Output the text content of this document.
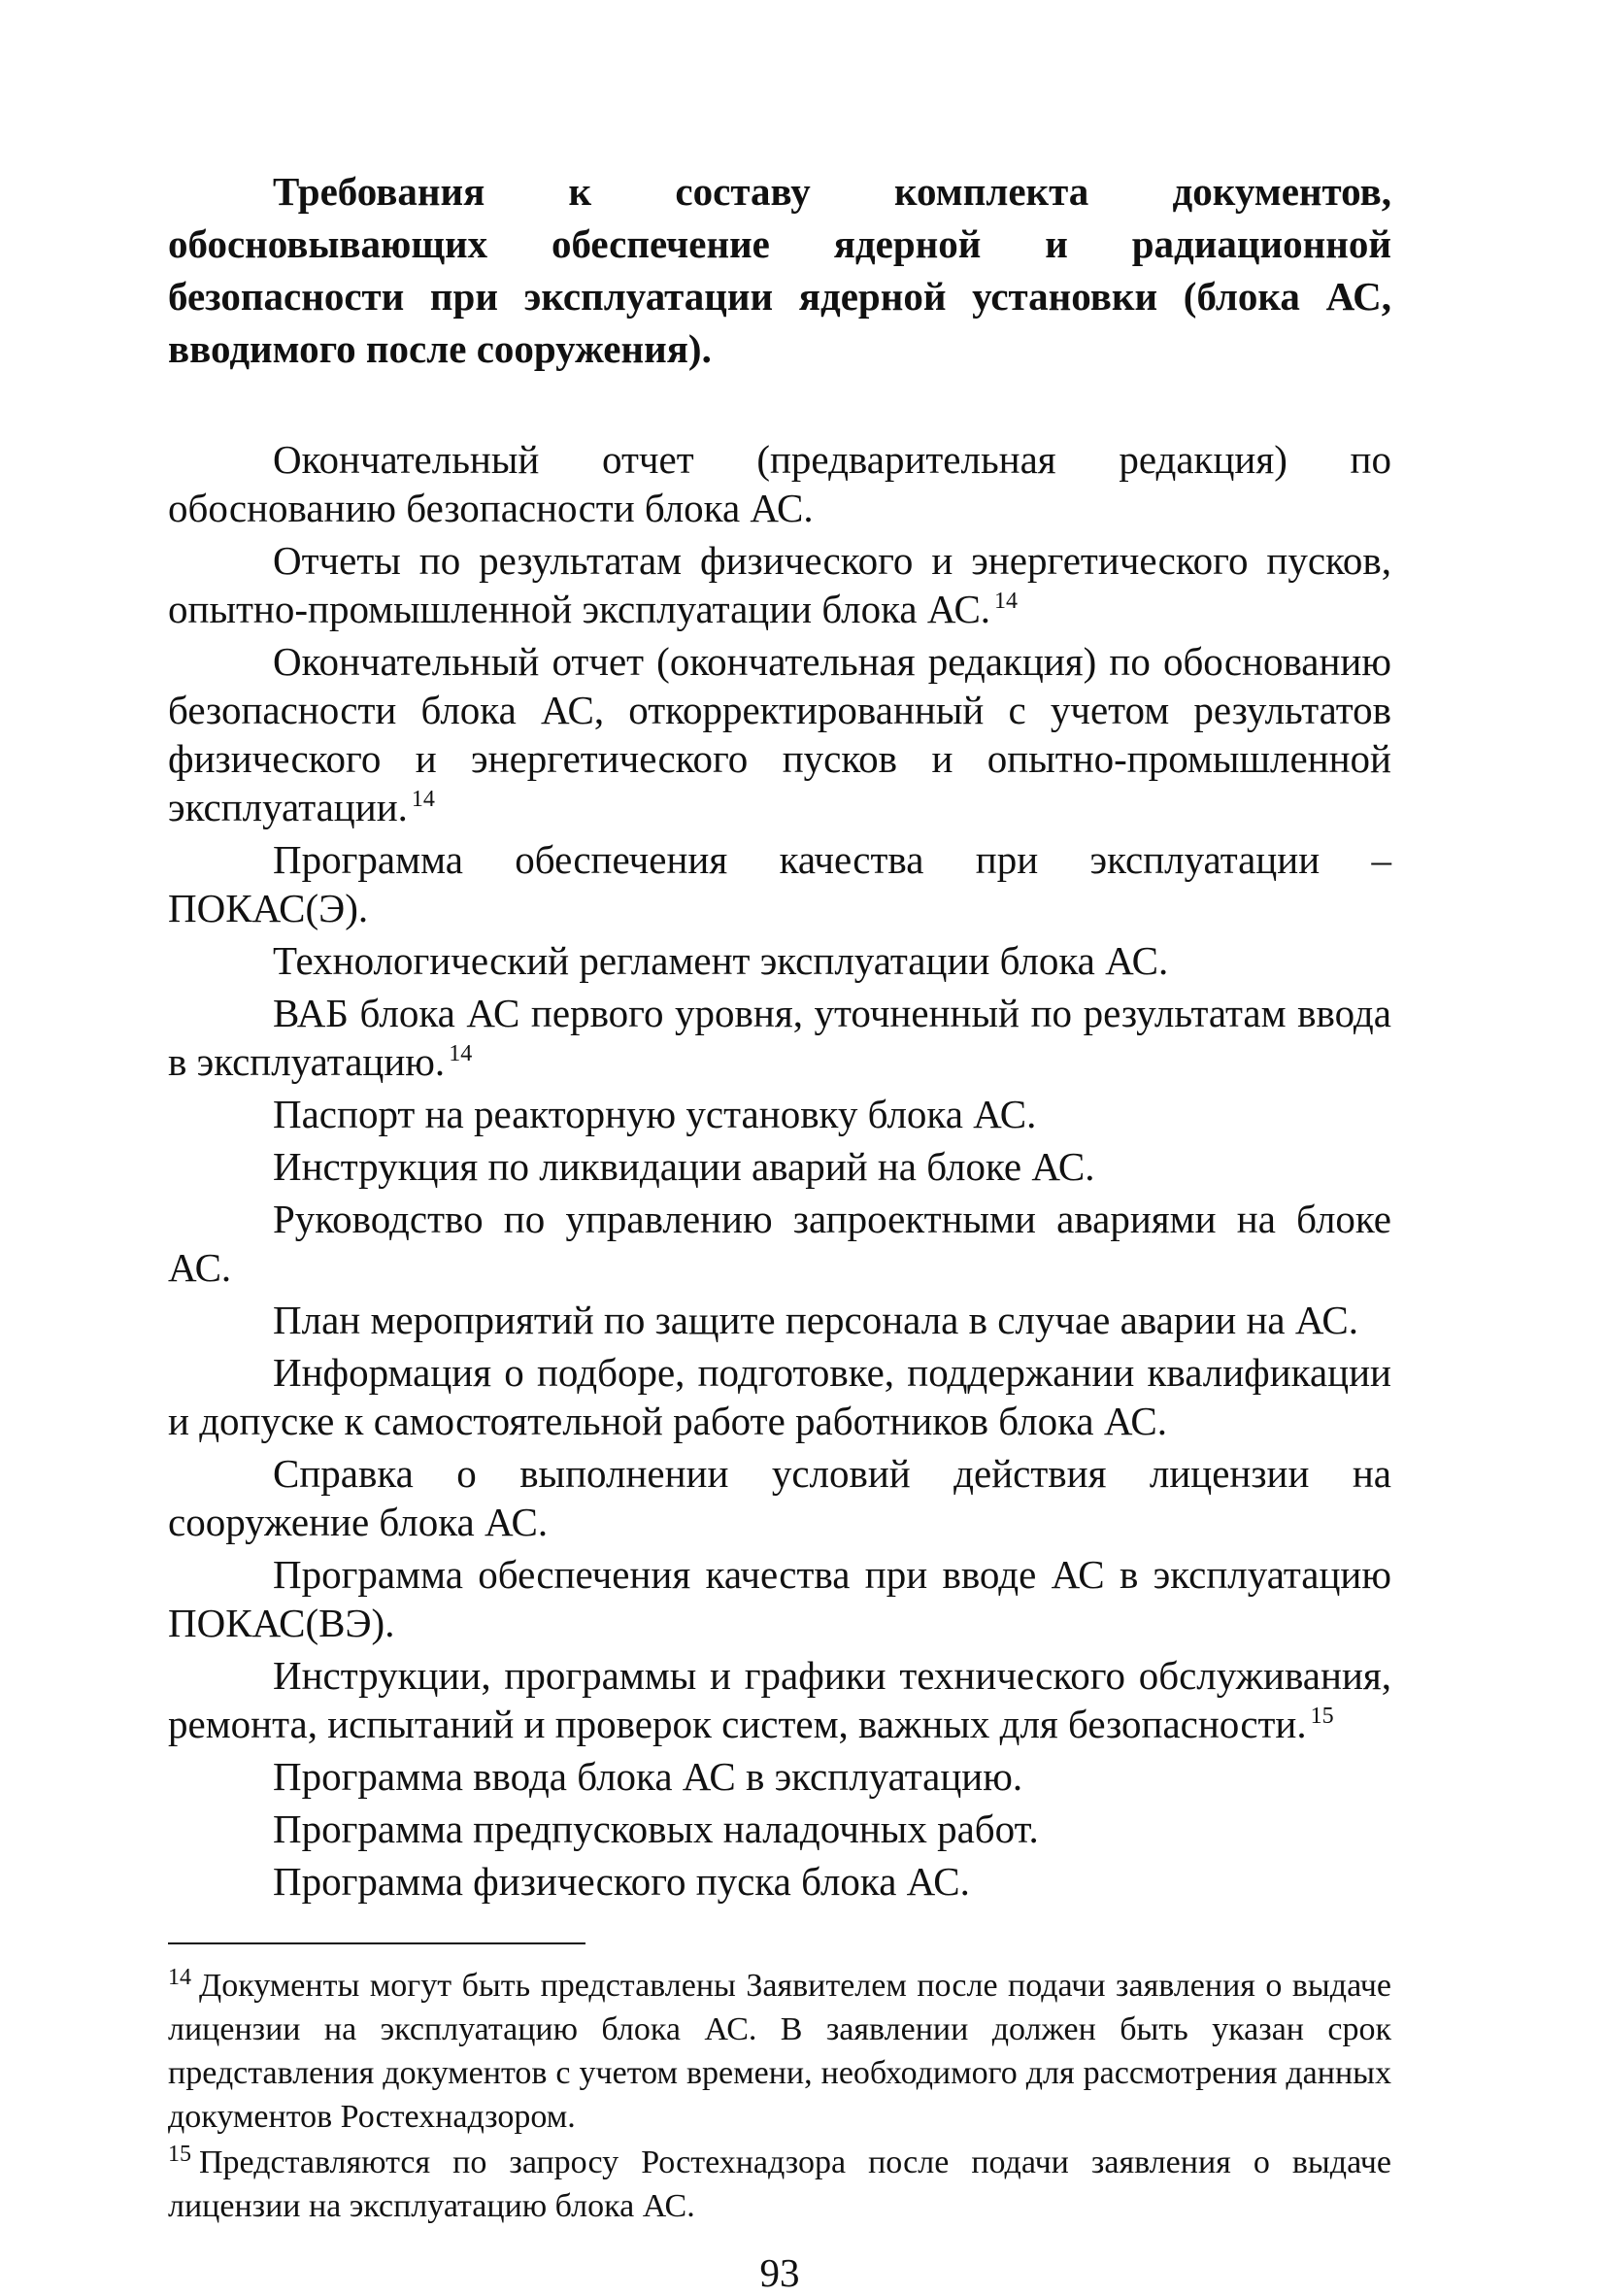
Требования к составу комплекта документов, обосновывающих обеспечение ядерной и радиационной безопасности при эксплуатации ядерной установки (блока АС, вводимого после сооружения).

Окончательный отчет (предварительная редакция) по обоснованию безопасности блока АС.

Отчеты по результатам физического и энергетического пусков, опытно-промышленной эксплуатации блока АС. $^{14}$

Окончательный отчет (окончательная редакция) по обоснованию безопасности блока АС, откорректированный с учетом результатов физического и энергетического пусков и опытно-промышленной эксплуатации. $^{14}$

Программа обеспечения качества при эксплуатации – ПОКАС(Э).

Технологический регламент эксплуатации блока АС.

ВАБ блока АС первого уровня, уточненный по результатам ввода в эксплуатацию. $^{14}$

Паспорт на реакторную установку блока АС.

Инструкция по ликвидации аварий на блоке АС.

Руководство по управлению запроектными авариями на блоке АС.

План мероприятий по защите персонала в случае аварии на АС.

Информация о подборе, подготовке, поддержании квалификации и допуске к самостоятельной работе работников блока АС.

Справка о выполнении условий действия лицензии на сооружение блока АС.

Программа обеспечения качества при вводе АС в эксплуатацию ПОКАС(ВЭ).

Инструкции, программы и графики технического обслуживания, ремонта, испытаний и проверок систем, важных для безопасности. $^{15}$

Программа ввода блока АС в эксплуатацию.

Программа предпусковых наладочных работ.

Программа физического пуска блока АС.

$^{14}$ Документы могут быть представлены Заявителем после подачи заявления о выдаче лицензии на эксплуатацию блока АС. В заявлении должен быть указан срок представления документов с учетом времени, необходимого для рассмотрения данных документов Ростехнадзором.

$^{15}$ Представляются по запросу Ростехнадзора после подачи заявления о выдаче лицензии на эксплуатацию блока АС.

93
